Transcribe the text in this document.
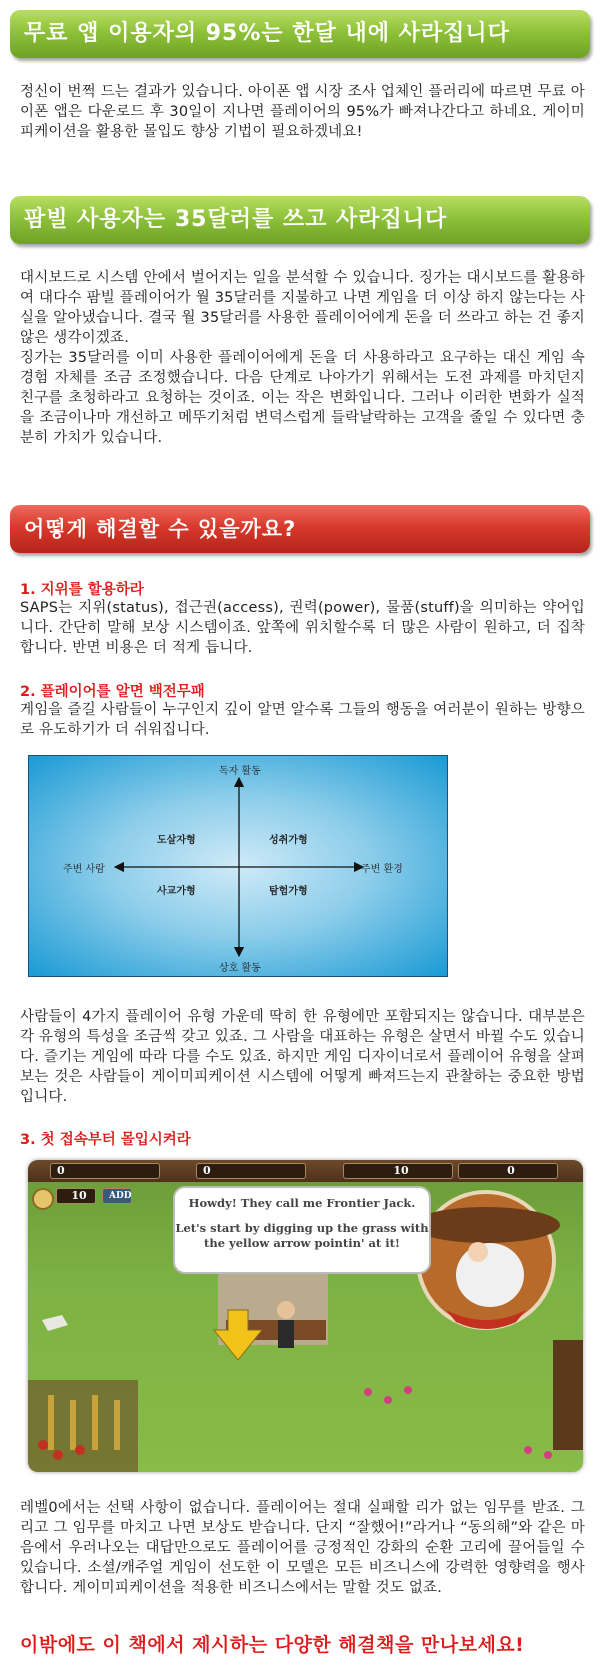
무료 앱 이용자의 95%는 한달 내에 사라집니다

정신이 번쩍 드는 결과가 있습니다. 아이폰 앱 시장 조사 업체인 플러리에 따르면 무료 아이폰 앱은 다운로드 후 30일이 지나면 플레이어의 95%가 빠져나간다고 하네요. 게이미피케이션을 활용한 몰입도 향상 기법이 필요하겠네요!

팜빌 사용자는 35달러를 쓰고 사라집니다

대시보드로 시스템 안에서 벌어지는 일을 분석할 수 있습니다. 징가는 대시보드를 활용하여 대다수 팜빌 플레이어가 월 35달러를 지불하고 나면 게임을 더 이상 하지 않는다는 사실을 알아냈습니다. 결국 월 35달러를 사용한 플레이어에게 돈을 더 쓰라고 하는 건 좋지 않은 생각이겠죠.

징가는 35달러를 이미 사용한 플레이어에게 돈을 더 사용하라고 요구하는 대신 게임 속 경험 자체를 조금 조정했습니다. 다음 단계로 나아가기 위해서는 도전 과제를 마치던지 친구를 초청하라고 요청하는 것이죠. 이는 작은 변화입니다. 그러나 이러한 변화가 실적을 조금이나마 개선하고 메뚜기처럼 변덕스럽게 들락날락하는 고객을 줄일 수 있다면 충분히 가치가 있습니다.

어떻게 해결할 수 있을까요?
1. 지위를 할용하라

SAPS는 지위(status), 접근권(access), 권력(power), 물품(stuff)을 의미하는 약어입니다. 간단히 말해 보상 시스템이죠. 앞쪽에 위치할수록 더 많은 사람이 원하고, 더 집착합니다. 반면 비용은 더 적게 듭니다.

2. 플레이어를 알면 백전무패

게임을 즐길 사람들이 누구인지 깊이 알면 알수록 그들의 행동을 여러분이 원하는 방향으로 유도하기가 더 쉬워집니다.

독자 활동
상호 활동
주변 사람	주변 환경
도살자형	성취가형
사교가형	탐험가형

사람들이 4가지 플레이어 유형 가운데 딱히 한 유형에만 포함되지는 않습니다. 대부분은 각 유형의 특성을 조금씩 갖고 있죠. 그 사람을 대표하는 유형은 살면서 바뀔 수도 있습니다. 즐기는 게임에 따라 다를 수도 있죠. 하지만 게임 디자이너로서 플레이어 유형을 살펴보는 것은 사람들이 게이미피케이션 시스템에 어떻게 빠져드는지 관찰하는 중요한 방법입니다.

3. 첫 접속부터 몰입시켜라
0	0	10	0
10	ADD	Howdy! They call me Frontier Jack.
Let's start by digging up the grass with the yellow arrow pointin' at it!

레벨0에서는 선택 사항이 없습니다. 플레이어는 절대 실패할 리가 없는 임무를 받죠. 그리고 그 임무를 마치고 나면 보상도 받습니다. 단지 “잘했어!”라거나 “동의해”와 같은 마음에서 우러나오는 대답만으로도 플레이어를 긍정적인 강화의 순환 고리에 끌어들일 수 있습니다. 소셜/캐주얼 게임이 선도한 이 모델은 모든 비즈니스에 강력한 영향력을 행사합니다. 게이미피케이션을 적용한 비즈니스에서는 말할 것도 없죠.

이밖에도 이 책에서 제시하는 다양한 해결책을 만나보세요!
